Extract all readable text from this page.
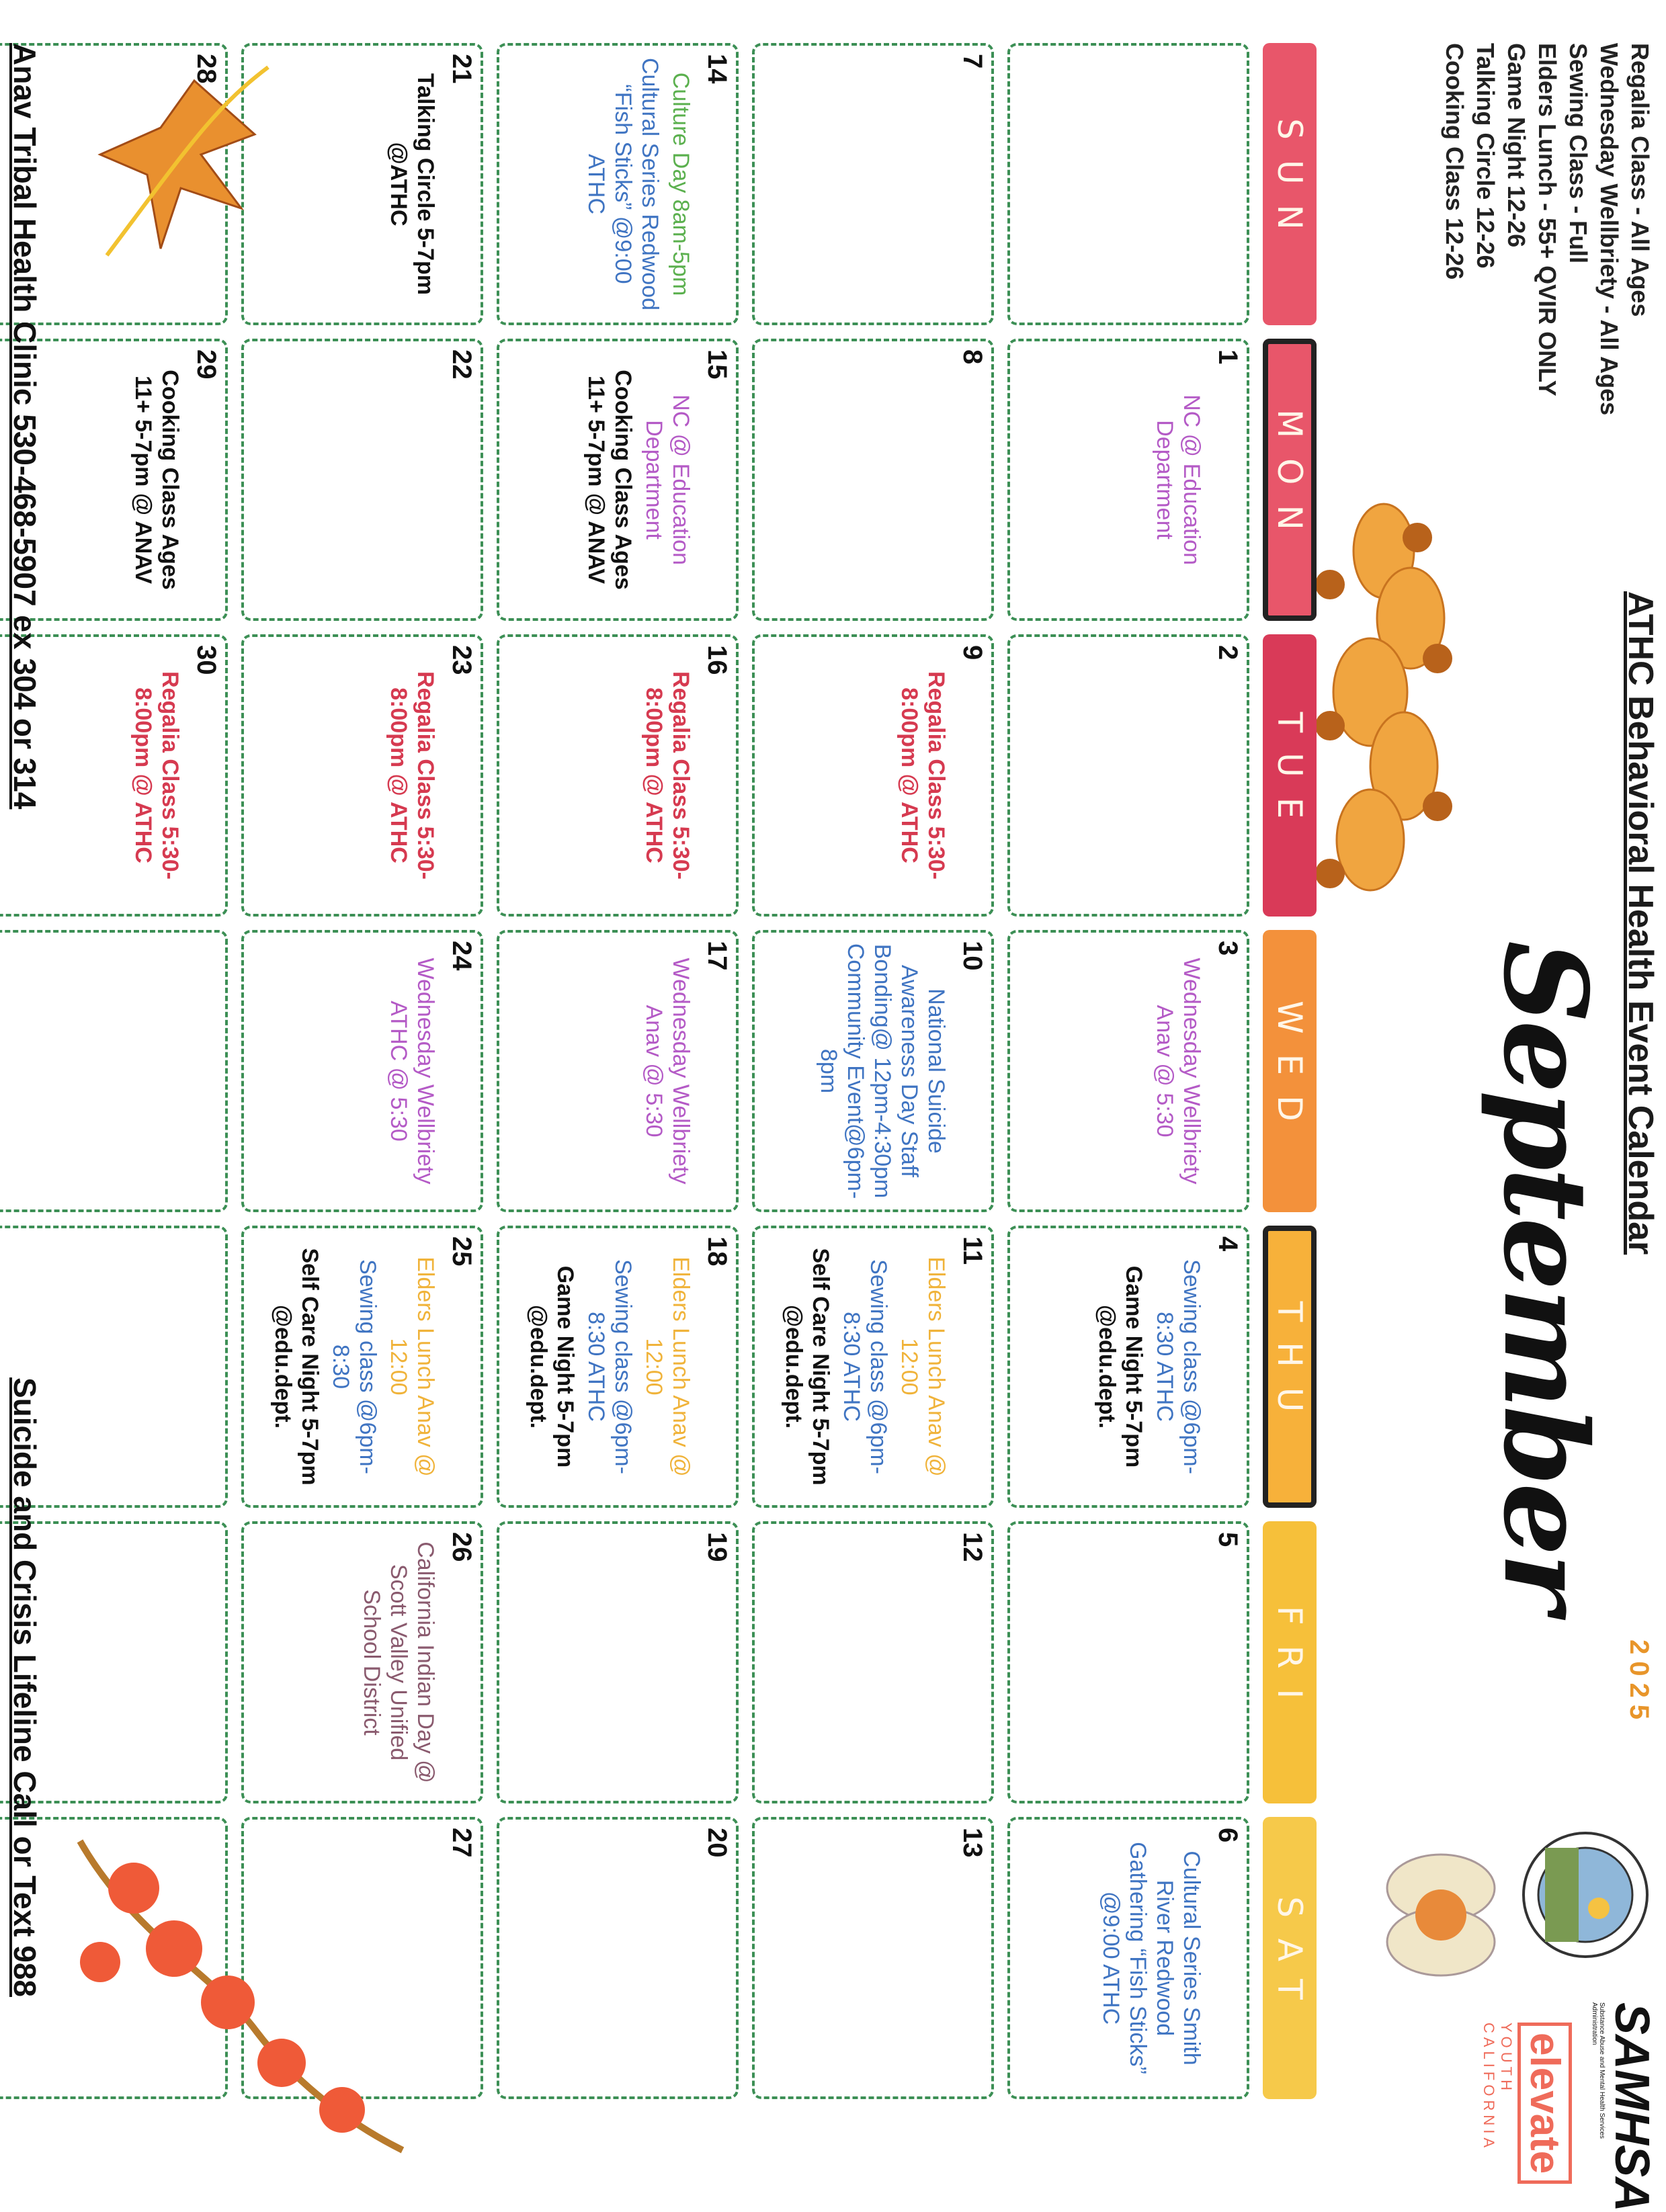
Regalia Class - All Ages
Wednesday Wellbriety - All Ages
Sewing Class - Full
Elders Lunch - 55+ QVIR ONLY
Game Night 12-26
Talking Circle 12-26
Cooking Class 12-26
ATHC Behavioral Health Event Calendar
2025
September
SAMHSA
Substance Abuse and Mental Health Services Administration
elevate
YOUTH CALIFORNIA
SUN
MON
TUE
WED
THU
FRI
SAT
1
NC @ Education Department
2
3
Wednesday Wellbriety Anav @ 5:30
4
Sewing class @6pm-8:30 ATHC
Game Night 5-7pm @edu.dept.
5
6
Cultural Series Smith River Redwood Gathering “Fish Sticks” @9:00 ATHC
7
8
9
Regalia Class 5:30-8:00pm @ ATHC
10
National Suicide Awareness Day Staff Bonding@ 12pm-4:30pm Community Event@6pm-8pm
11
Elders Lunch Anav @ 12:00
Sewing class @6pm-8:30 ATHC
Self Care Night 5-7pm @edu.dept.
12
13
14
Culture Day 8am-5pm
Cultural Series Redwood “Fish Sticks” @9:00 ATHC
15
NC @ Education Department
Cooking Class Ages 11+ 5-7pm @ ANAV
16
Regalia Class 5:30-8:00pm @ ATHC
17
Wednesday Wellbriety Anav @ 5:30
18
Elders Lunch Anav @ 12:00
Sewing class @6pm-8:30 ATHC
Game Night 5-7pm @edu.dept.
19
20
21
Talking Circle 5-7pm @ATHC
22
23
Regalia Class 5:30-8:00pm @ ATHC
24
Wednesday Wellbriety ATHC @ 5:30
25
Elders Lunch Anav @ 12:00
Sewing class @6pm-8:30
Self Care Night 5-7pm @edu.dept.
26
California Indian Day @ Scott Valley Unified School District
27
28
29
Cooking Class Ages 11+ 5-7pm @ ANAV
30
Regalia Class 5:30-8:00pm @ ATHC
Anav Tribal Health Clinic 530-468-5907 ex 304 or 314
Suicide and Crisis Lifeline Call or Text 988
